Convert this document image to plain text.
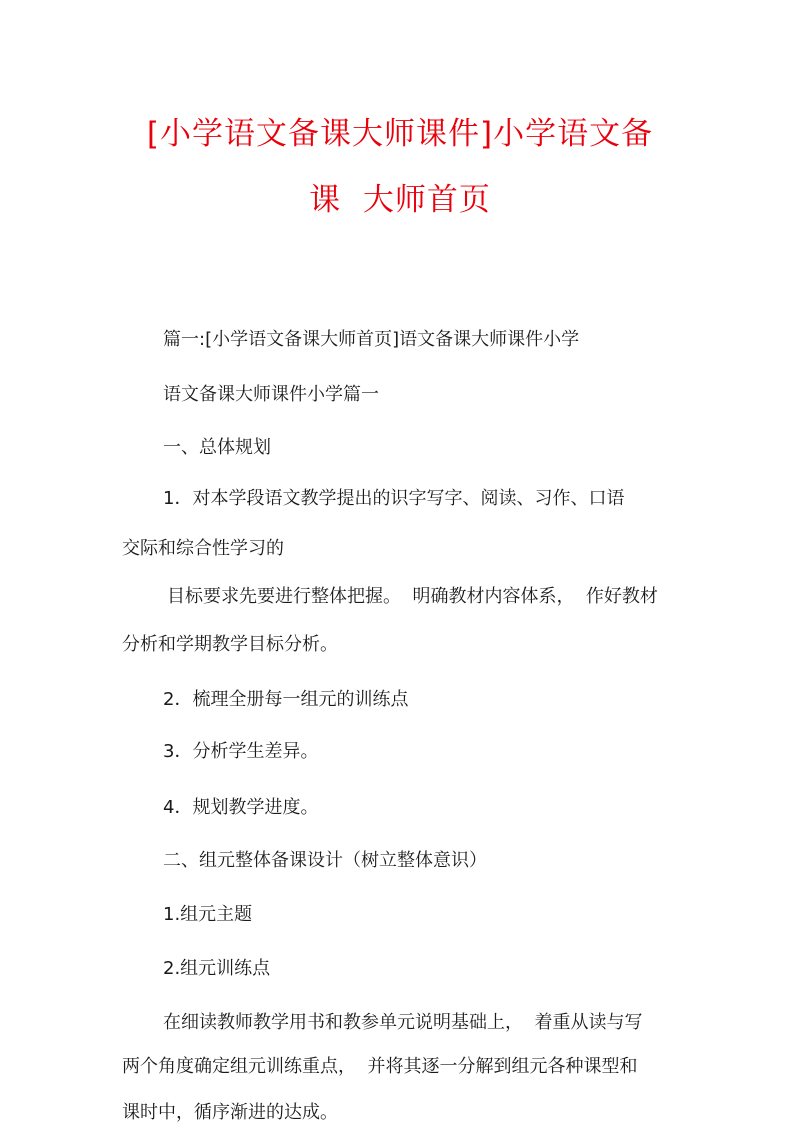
[小学语文备课大师课件]小学语文备
课  大师首页
篇一:[小学语文备课大师首页]语文备课大师课件小学
语文备课大师课件小学篇一
一、总体规划
1．对本学段语文教学提出的识字写字、阅读、习作、口语
交际和综合性学习的
目标要求先要进行整体把握。  明确教材内容体系，  作好教材
分析和学期教学目标分析。
2．梳理全册每一组元的训练点
3．分析学生差异。
4．规划教学进度。
二、组元整体备课设计（树立整体意识）
1.组元主题
2.组元训练点
在细读教师教学用书和教参单元说明基础上，  着重从读与写
两个角度确定组元训练重点，  并将其逐一分解到组元各种课型和
课时中，循序渐进的达成。
